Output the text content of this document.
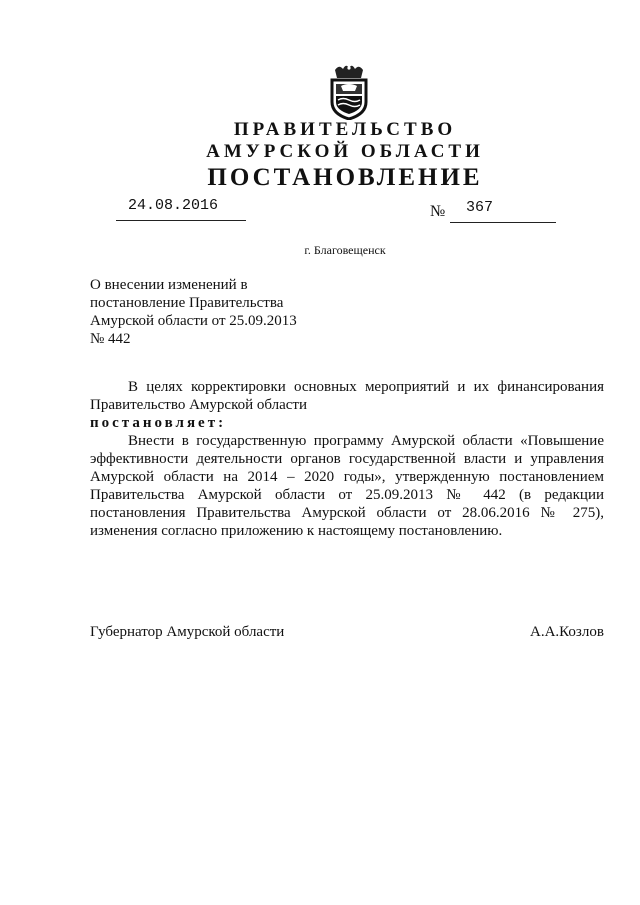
ПРАВИТЕЛЬСТВО
АМУРСКОЙ ОБЛАСТИ
ПОСТАНОВЛЕНИЕ
24.08.2016	№ 367
г. Благовещенск
О внесении изменений в
постановление Правительства
Амурской области от 25.09.2013
№ 442
В целях корректировки основных мероприятий и их финансирования
Правительство Амурской области
постановляет:
Внести в государственную программу Амурской области «Повышение
эффективности деятельности органов государственной власти и управления
Амурской области на 2014 – 2020 годы», утвержденную постановлением
Правительства Амурской области от 25.09.2013 № 442 (в редакции
постановления Правительства Амурской области от 28.06.2016 № 275),
изменения согласно приложению к настоящему постановлению.
Губернатор Амурской области	А.А.Козлов
